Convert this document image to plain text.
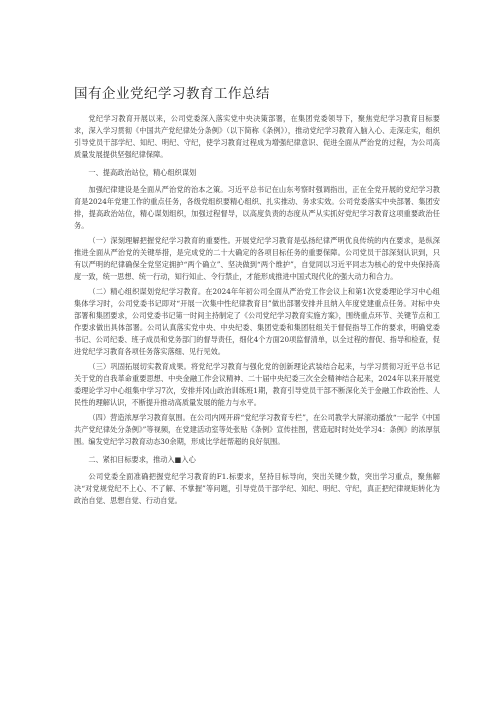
国有企业党纪学习教育工作总结

党纪学习教育开展以来，公司党委深入落实党中央决策部署，在集团党委领导下，聚焦党纪学习教育目标要求，深入学习贯彻《中国共产党纪律处分条例》（以下简称《条例》），推动党纪学习教育入脑入心、走深走实，组织引导党员干部学纪、知纪、明纪、守纪，使学习教育过程成为增强纪律意识、促进全面从严治党的过程，为公司高质量发展提供坚强纪律保障。

一、提高政治站位，精心组织谋划

加强纪律建设是全面从严治党的治本之策。习近平总书记在山东考察时强调指出，正在全党开展的党纪学习教育是2024年党建工作的重点任务，各级党组织要精心组织、扎实推动、务求实效。公司党委落实中央部署、集团安排，提高政治站位，精心谋划组织，加强过程督导，以高度负责的态度从严从实抓好党纪学习教育这项重要政治任务。

（一）深刻理解把握党纪学习教育的重要性。开展党纪学习教育是弘扬纪律严明优良传统的内在要求，是纵深推进全面从严治党的关键举措，是完成党的二十大确定的各项目标任务的重要保障。公司党员干部深刻认识到，只有以严明的纪律确保全党坚定拥护“两个确立”、坚决做到“两个维护”，自觉同以习近平同志为核心的党中央保持高度一致，统一思想、统一行动，知行知止、令行禁止，才能形成推进中国式现代化的强大动力和合力。

（二）精心组织谋划党纪学习教育。在2024年年初公司全面从严治党工作会议上和第1次党委理论学习中心组集体学习时，公司党委书记即对“开展一次集中性纪律教育目”做出部署安排并且纳入年度党建重点任务。对标中央部署和集团要求，公司党委书记第一时间主持制定了《公司党纪学习教育实施方案》，围绕重点环节、关键节点和工作要求做出具体部署。公司认真落实党中央、中央纪委、集团党委和集团驻组关于督促指导工作的要求，明确党委书记、公司纪委、班子成员和党务部门的督导责任，细化4个方面20项监督清单，以全过程的督促、指导和检查，促进党纪学习教育各项任务落实落细、见行见效。

（三）巩固拓展切实教育成果。将党纪学习教育与强化党的创新理论武装结合起来，与学习贯彻习近平总书记关于党的自我革命重要思想、中央金融工作会议精神、二十届中央纪委三次全会精神结合起来，2024年以来开展党委理论学习中心组集中学习7次，安排并冈山政治训练班1期，教育引导党员干部不断深化关于金融工作政治性、人民性的理解认识，不断提升推动高质量发展的能力与水平。

（四）营造浓厚学习教育氛围。在公司内网开辟“党纪学习教育专栏”，在公司教学大屏滚动播放“一起学《中国共产党纪律处分条例》”等视频，在党建活动室等处张贴《条例》宣传挂图，营造起时时处处学习4：条例》的浓厚氛围。编发党纪学习教育动态30余期，形成比学赶帮超的良好氛围。

二、紧扣目标要求，推动入■入心

公司党委全面准确把握党纪学习教育的F1.标要求，坚持目标导向，突出关键少数，突出学习重点，聚焦解决“对党规党纪不上心、不了解、不掌握”等问题，引导党员干部学纪、知纪、明纪、守纪，真正把纪律规矩转化为政治自觉、思想自觉、行动自觉。
